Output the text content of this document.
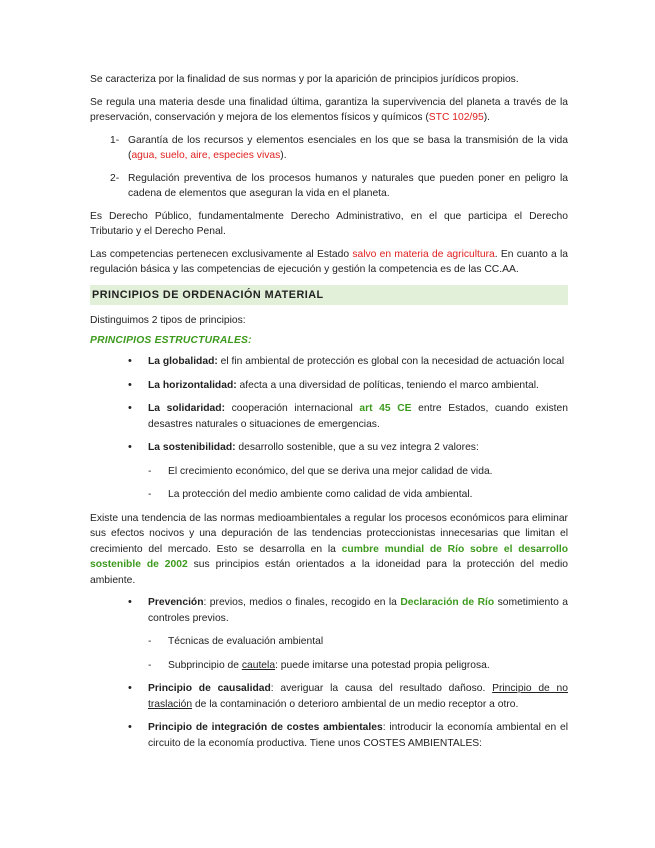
Se caracteriza por la finalidad de sus normas y por la aparición de principios jurídicos propios.

Se regula una materia desde una finalidad última, garantiza la supervivencia del planeta a través de la preservación, conservación y mejora de los elementos físicos y químicos (STC 102/95).

1- Garantía de los recursos y elementos esenciales en los que se basa la transmisión de la vida (agua, suelo, aire, especies vivas).
2- Regulación preventiva de los procesos humanos y naturales que pueden poner en peligro la cadena de elementos que aseguran la vida en el planeta.

Es Derecho Público, fundamentalmente Derecho Administrativo, en el que participa el Derecho Tributario y el Derecho Penal.

Las competencias pertenecen exclusivamente al Estado salvo en materia de agricultura. En cuanto a la regulación básica y las competencias de ejecución y gestión la competencia es de las CC.AA.

PRINCIPIOS DE ORDENACIÓN MATERIAL

Distinguimos 2 tipos de principios:

PRINCIPIOS ESTRUCTURALES:
• La globalidad: el fin ambiental de protección es global con la necesidad de actuación local
• La horizontalidad: afecta a una diversidad de políticas, teniendo el marco ambiental.
• La solidaridad: cooperación internacional art 45 CE entre Estados, cuando existen desastres naturales o situaciones de emergencias.
• La sostenibilidad: desarrollo sostenible, que a su vez integra 2 valores:
- El crecimiento económico, del que se deriva una mejor calidad de vida.
- La protección del medio ambiente como calidad de vida ambiental.

Existe una tendencia de las normas medioambientales a regular los procesos económicos para eliminar sus efectos nocivos y una depuración de las tendencias proteccionistas innecesarias que limitan el crecimiento del mercado. Esto se desarrolla en la cumbre mundial de Río sobre el desarrollo sostenible de 2002 sus principios están orientados a la idoneidad para la protección del medio ambiente.

• Prevención: previos, medios o finales, recogido en la Declaración de Río sometimiento a controles previos.
- Técnicas de evaluación ambiental
- Subprincipio de cautela: puede imitarse una potestad propia peligrosa.
• Principio de causalidad: averiguar la causa del resultado dañoso. Principio de no traslación de la contaminación o deterioro ambiental de un medio receptor a otro.
• Principio de integración de costes ambientales: introducir la economía ambiental en el circuito de la economía productiva. Tiene unos COSTES AMBIENTALES:
